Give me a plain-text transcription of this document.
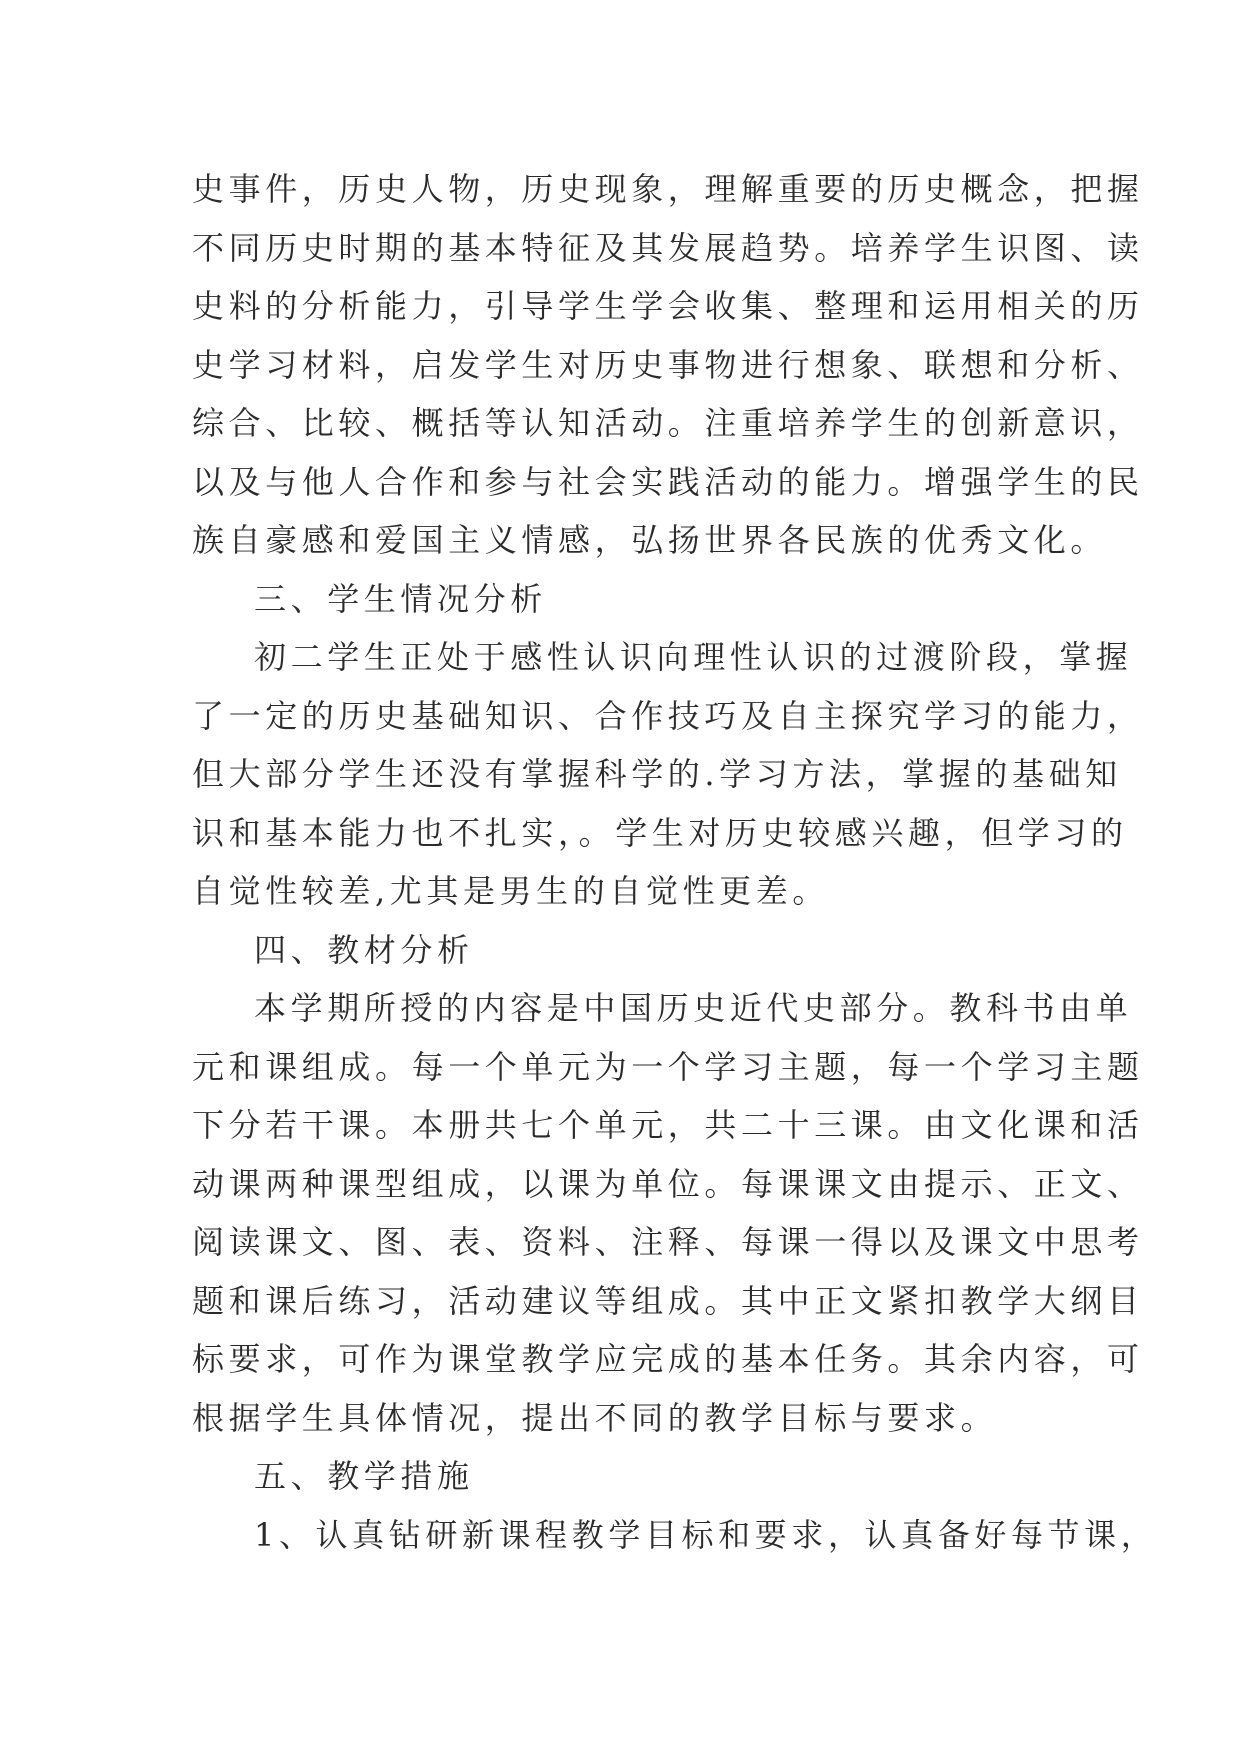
史事件，历史人物，历史现象，理解重要的历史概念，把握
不同历史时期的基本特征及其发展趋势。培养学生识图、读
史料的分析能力，引导学生学会收集、整理和运用相关的历
史学习材料，启发学生对历史事物进行想象、联想和分析、
综合、比较、概括等认知活动。注重培养学生的创新意识，
以及与他人合作和参与社会实践活动的能力。增强学生的民
族自豪感和爱国主义情感，弘扬世界各民族的优秀文化。
三、学生情况分析
初二学生正处于感性认识向理性认识的过渡阶段，掌握
了一定的历史基础知识、合作技巧及自主探究学习的能力，
但大部分学生还没有掌握科学的.学习方法，掌握的基础知
识和基本能力也不扎实，。学生对历史较感兴趣，但学习的
自觉性较差,尤其是男生的自觉性更差。
四、教材分析
本学期所授的内容是中国历史近代史部分。教科书由单
元和课组成。每一个单元为一个学习主题，每一个学习主题
下分若干课。本册共七个单元，共二十三课。由文化课和活
动课两种课型组成，以课为单位。每课课文由提示、正文、
阅读课文、图、表、资料、注释、每课一得以及课文中思考
题和课后练习，活动建议等组成。其中正文紧扣教学大纲目
标要求，可作为课堂教学应完成的基本任务。其余内容，可
根据学生具体情况，提出不同的教学目标与要求。
五、教学措施
1、认真钻研新课程教学目标和要求，认真备好每节课，
